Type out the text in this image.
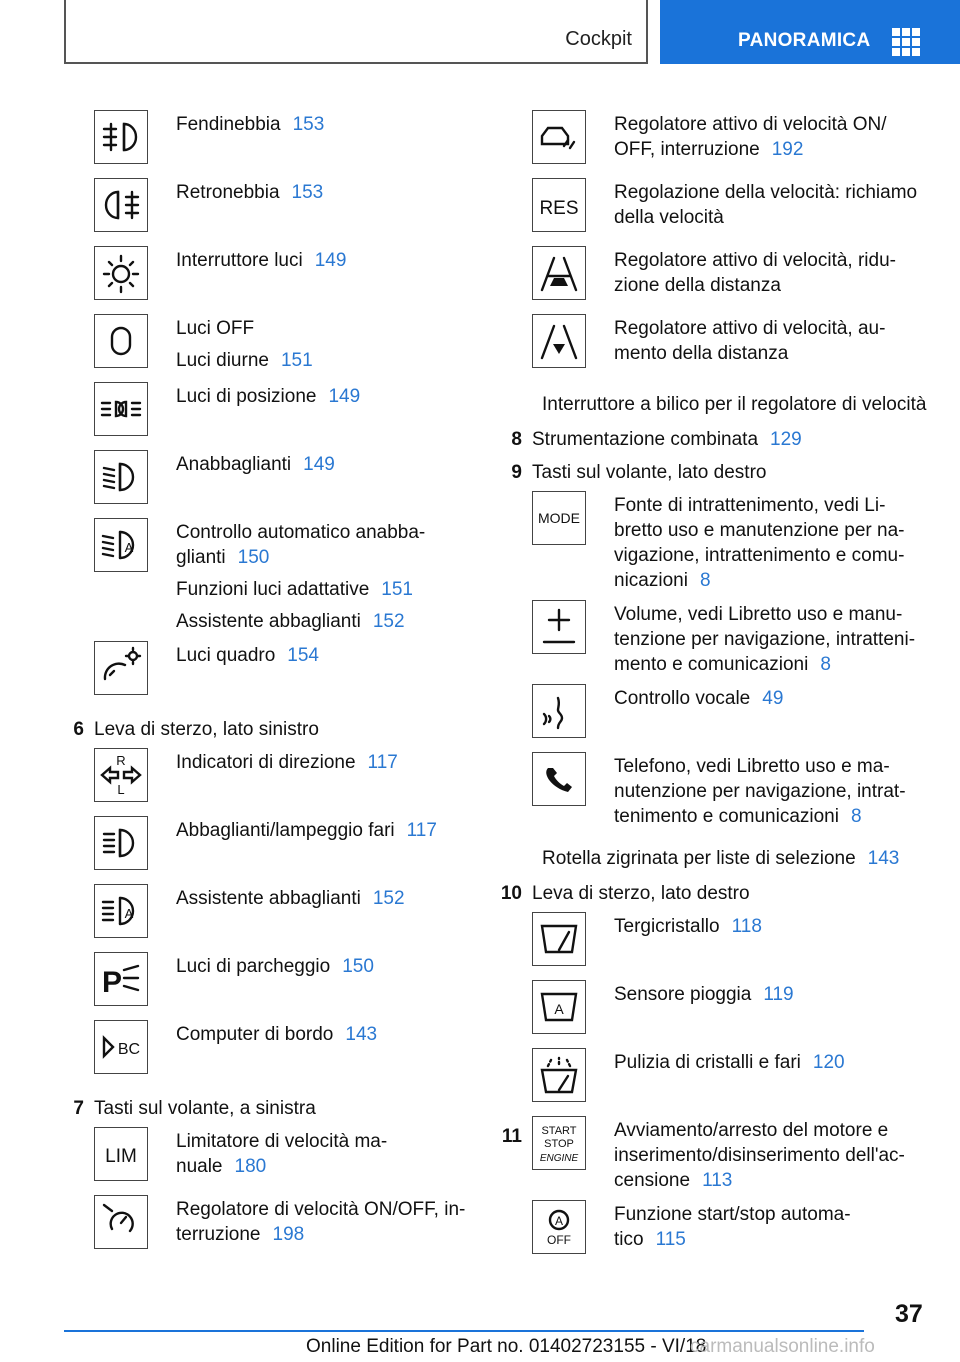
Cockpit	PANORAMICA

Fendinebbia 153

Retronebbia 153

Interruttore luci 149

Luci OFF

Luci diurne 151

Luci di posizione 149

Anabbaglianti 149

A

Controllo automatico anabba-
glianti 150

Funzioni luci adattative 151

Assistente abbaglianti 152

Luci quadro 154

6 Leva di sterzo, lato sinistro
R
L

Indicatori di direzione 117

Abbaglianti/lampeggio fari 117

A

Assistente abbaglianti 152

P	Luci di parcheggio 150

BC

Computer di bordo 143

7 Tasti sul volante, a sinistra
LIM

Limitatore di velocità ma-
nuale 180

Regolatore di velocità ON/OFF, in-
terruzione 198

Regolatore attivo di velocità ON/
OFF, interruzione 192

RES

Regolazione della velocità: richiamo
della velocità

Regolatore attivo di velocità, ridu-
zione della distanza

Regolatore attivo di velocità, au-
mento della distanza

Interruttore a bilico per il regolatore di velocità
8 Strumentazione combinata 129
9 Tasti sul volante, lato destro
MODE

Fonte di intrattenimento, vedi Li-
bretto uso e manutenzione per na-
vigazione, intrattenimento e comu-
nicazioni 8

Volume, vedi Libretto uso e manu-
tenzione per navigazione, intratteni-
mento e comunicazioni 8

Controllo vocale 49

Telefono, vedi Libretto uso e ma-
nutenzione per navigazione, intrat-
tenimento e comunicazioni 8

Rotella zigrinata per liste di selezione 143
10 Leva di sterzo, lato destro

Tergicristallo 118

A

Sensore pioggia 119

Pulizia di cristalli e fari 120

11 START
STOP
ENGINE

Avviamento/arresto del motore e
inserimento/disinserimento dell'ac-
censione 113

A
OFF

Funzione start/stop automa-
tico 115

37
Online Edition for Part no. 01402723155 - VI/18
carmanualsonline.info
